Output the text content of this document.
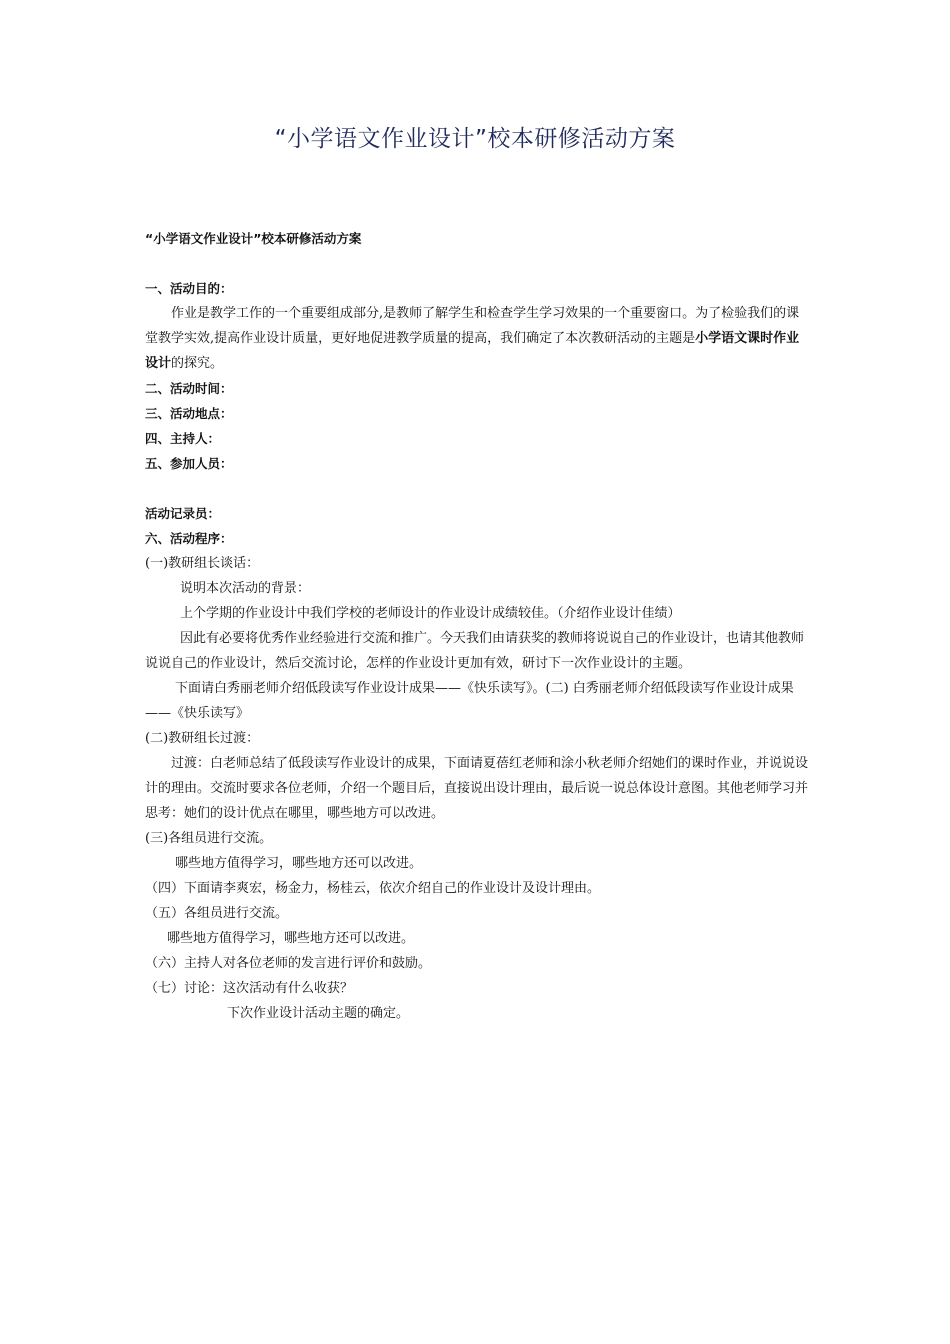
“小学语文作业设计”校本研修活动方案
“小学语文作业设计”校本研修活动方案
一、活动目的：
作业是教学工作的一个重要组成部分,是教师了解学生和检查学生学习效果的一个重要窗口。为了检验我们的课堂教学实效,提高作业设计质量，更好地促进教学质量的提高，我们确定了本次教研活动的主题是小学语文课时作业设计的探究。
二、活动时间：
三、活动地点：
四、主持人：
五、参加人员：
活动记录员：
六、活动程序：
(一)教研组长谈话：
说明本次活动的背景：
上个学期的作业设计中我们学校的老师设计的作业设计成绩较佳。（介绍作业设计佳绩）
因此有必要将优秀作业经验进行交流和推广。今天我们由请获奖的教师将说说自己的作业设计，也请其他教师说说自己的作业设计，然后交流讨论，怎样的作业设计更加有效，研讨下一次作业设计的主题。
下面请白秀丽老师介绍低段读写作业设计成果——《快乐读写》。(二) 白秀丽老师介绍低段读写作业设计成果——《快乐读写》
(二)教研组长过渡：
过渡：白老师总结了低段读写作业设计的成果，下面请夏蓓红老师和涂小秋老师介绍她们的课时作业，并说说设计的理由。交流时要求各位老师，介绍一个题目后，直接说出设计理由，最后说一说总体设计意图。其他老师学习并思考：她们的设计优点在哪里，哪些地方可以改进。
(三)各组员进行交流。
哪些地方值得学习，哪些地方还可以改进。
（四）下面请李爽宏，杨金力，杨桂云，依次介绍自己的作业设计及设计理由。
（五）各组员进行交流。
哪些地方值得学习，哪些地方还可以改进。
（六）主持人对各位老师的发言进行评价和鼓励。
（七）讨论：这次活动有什么收获？
下次作业设计活动主题的确定。
